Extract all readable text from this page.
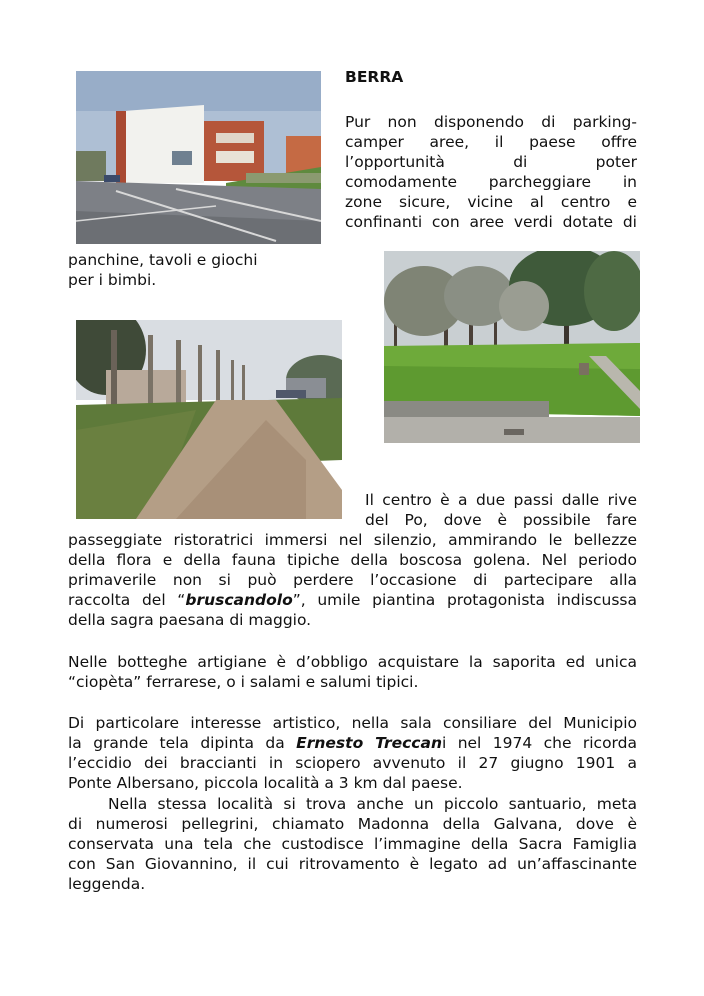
BERRA
Pur non disponendo di parking-
camper aree, il paese offre
l’opportunità di poter
comodamente parcheggiare in
zone sicure, vicine al centro e
confinanti con aree verdi dotate di
panchine, tavoli e giochi
per i bimbi.
Il centro è a due passi dalle rive
del Po, dove è possibile fare
passeggiate ristoratrici immersi nel silenzio, ammirando le bellezze
della flora e della fauna tipiche della boscosa golena. Nel periodo
primaverile non si può perdere l’occasione di partecipare alla
raccolta del “bruscandolo”, umile piantina protagonista indiscussa
della sagra paesana di maggio.
Nelle botteghe artigiane è d’obbligo acquistare la saporita ed unica
“ciopèta” ferrarese, o i salami e salumi tipici.
Di particolare interesse artistico, nella sala consiliare del Municipio
la grande tela dipinta da Ernesto Treccani nel 1974 che ricorda
l’eccidio dei braccianti in sciopero avvenuto il 27 giugno 1901 a
Ponte Albersano, piccola località a 3 km dal paese.
Nella stessa località si trova anche un piccolo santuario, meta
di numerosi pellegrini, chiamato Madonna della Galvana, dove è
conservata una tela che custodisce l’immagine della Sacra Famiglia
con San Giovannino, il cui ritrovamento è legato ad un’affascinante
leggenda.
